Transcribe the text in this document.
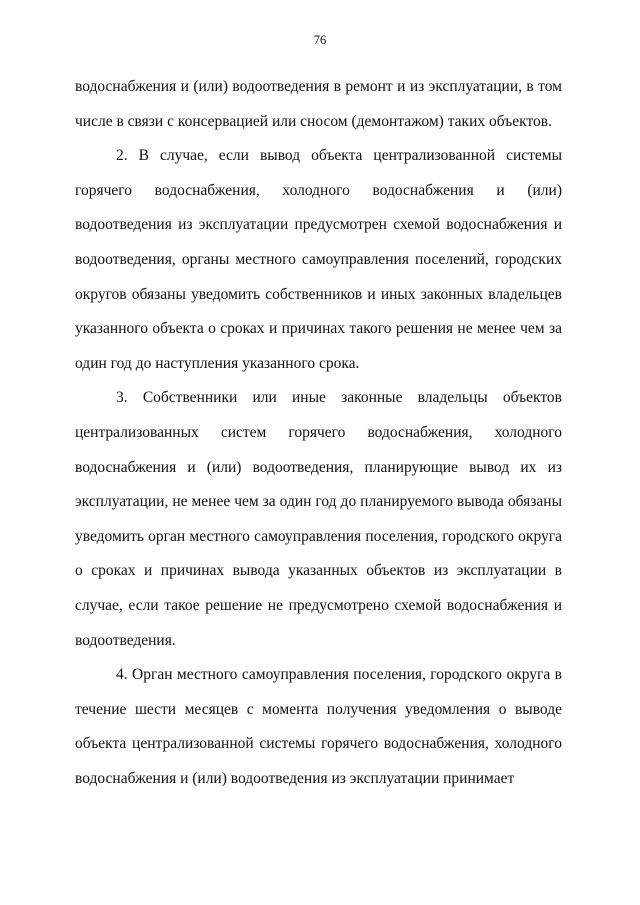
76

водоснабжения и (или) водоотведения в ремонт и из эксплуатации, в том числе в связи с консервацией или сносом (демонтажом) таких объектов.

2. В случае, если вывод объекта централизованной системы горячего водоснабжения, холодного водоснабжения и (или) водоотведения из эксплуатации предусмотрен схемой водоснабжения и водоотведения, органы местного самоуправления поселений, городских округов обязаны уведомить собственников и иных законных владельцев указанного объекта о сроках и причинах такого решения не менее чем за один год до наступления указанного срока.

3. Собственники или иные законные владельцы объектов централизованных систем горячего водоснабжения, холодного водоснабжения и (или) водоотведения, планирующие вывод их из эксплуатации, не менее чем за один год до планируемого вывода обязаны уведомить орган местного самоуправления поселения, городского округа о сроках и причинах вывода указанных объектов из эксплуатации в случае, если такое решение не предусмотрено схемой водоснабжения и водоотведения.

4. Орган местного самоуправления поселения, городского округа в течение шести месяцев с момента получения уведомления о выводе объекта централизованной системы горячего водоснабжения, холодного водоснабжения и (или) водоотведения из эксплуатации принимает
